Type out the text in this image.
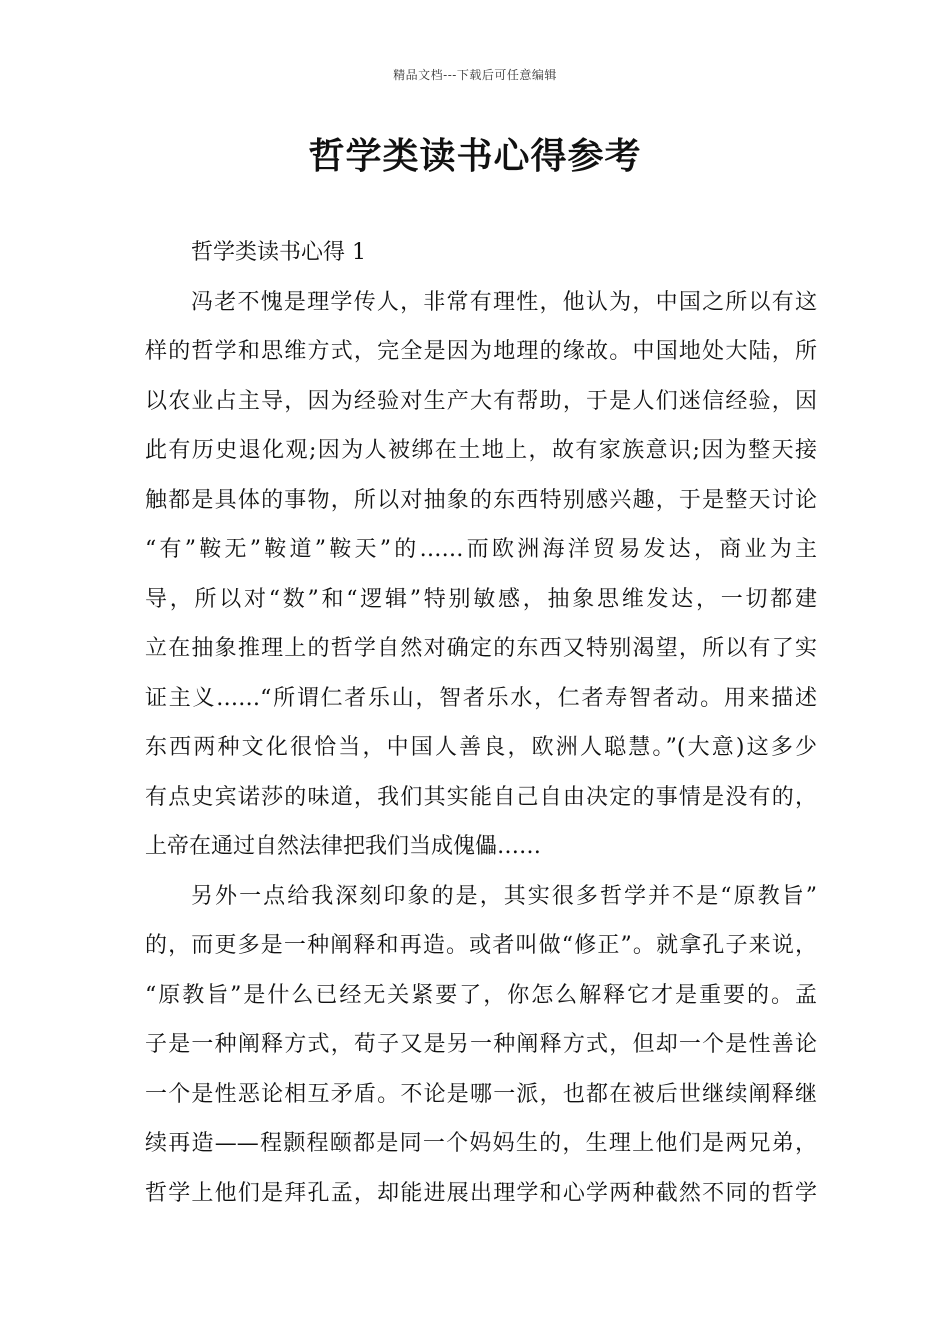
精品文档---下载后可任意编辑
哲学类读书心得参考
哲学类读书心得 1
冯老不愧是理学传人，非常有理性，他认为，中国之所以有这
样的哲学和思维方式，完全是因为地理的缘故。中国地处大陆，所
以农业占主导，因为经验对生产大有帮助，于是人们迷信经验，因
此有历史退化观;因为人被绑在土地上，故有家族意识;因为整天接
触都是具体的事物，所以对抽象的东西特别感兴趣，于是整天讨论
“有”鞍无”鞍道”鞍天”的……而欧洲海洋贸易发达，商业为主
导，所以对“数”和“逻辑”特别敏感，抽象思维发达，一切都建
立在抽象推理上的哲学自然对确定的东西又特别渴望，所以有了实
证主义……“所谓仁者乐山，智者乐水，仁者寿智者动。用来描述
东西两种文化很恰当，中国人善良，欧洲人聪慧。”(大意)这多少
有点史宾诺莎的味道，我们其实能自己自由决定的事情是没有的，
上帝在通过自然法律把我们当成傀儡……
另外一点给我深刻印象的是，其实很多哲学并不是“原教旨”
的，而更多是一种阐释和再造。或者叫做“修正”。就拿孔子来说，
“原教旨”是什么已经无关紧要了，你怎么解释它才是重要的。孟
子是一种阐释方式，荀子又是另一种阐释方式，但却一个是性善论
一个是性恶论相互矛盾。不论是哪一派，也都在被后世继续阐释继
续再造——程颢程颐都是同一个妈妈生的，生理上他们是两兄弟，
哲学上他们是拜孔孟，却能进展出理学和心学两种截然不同的哲学
